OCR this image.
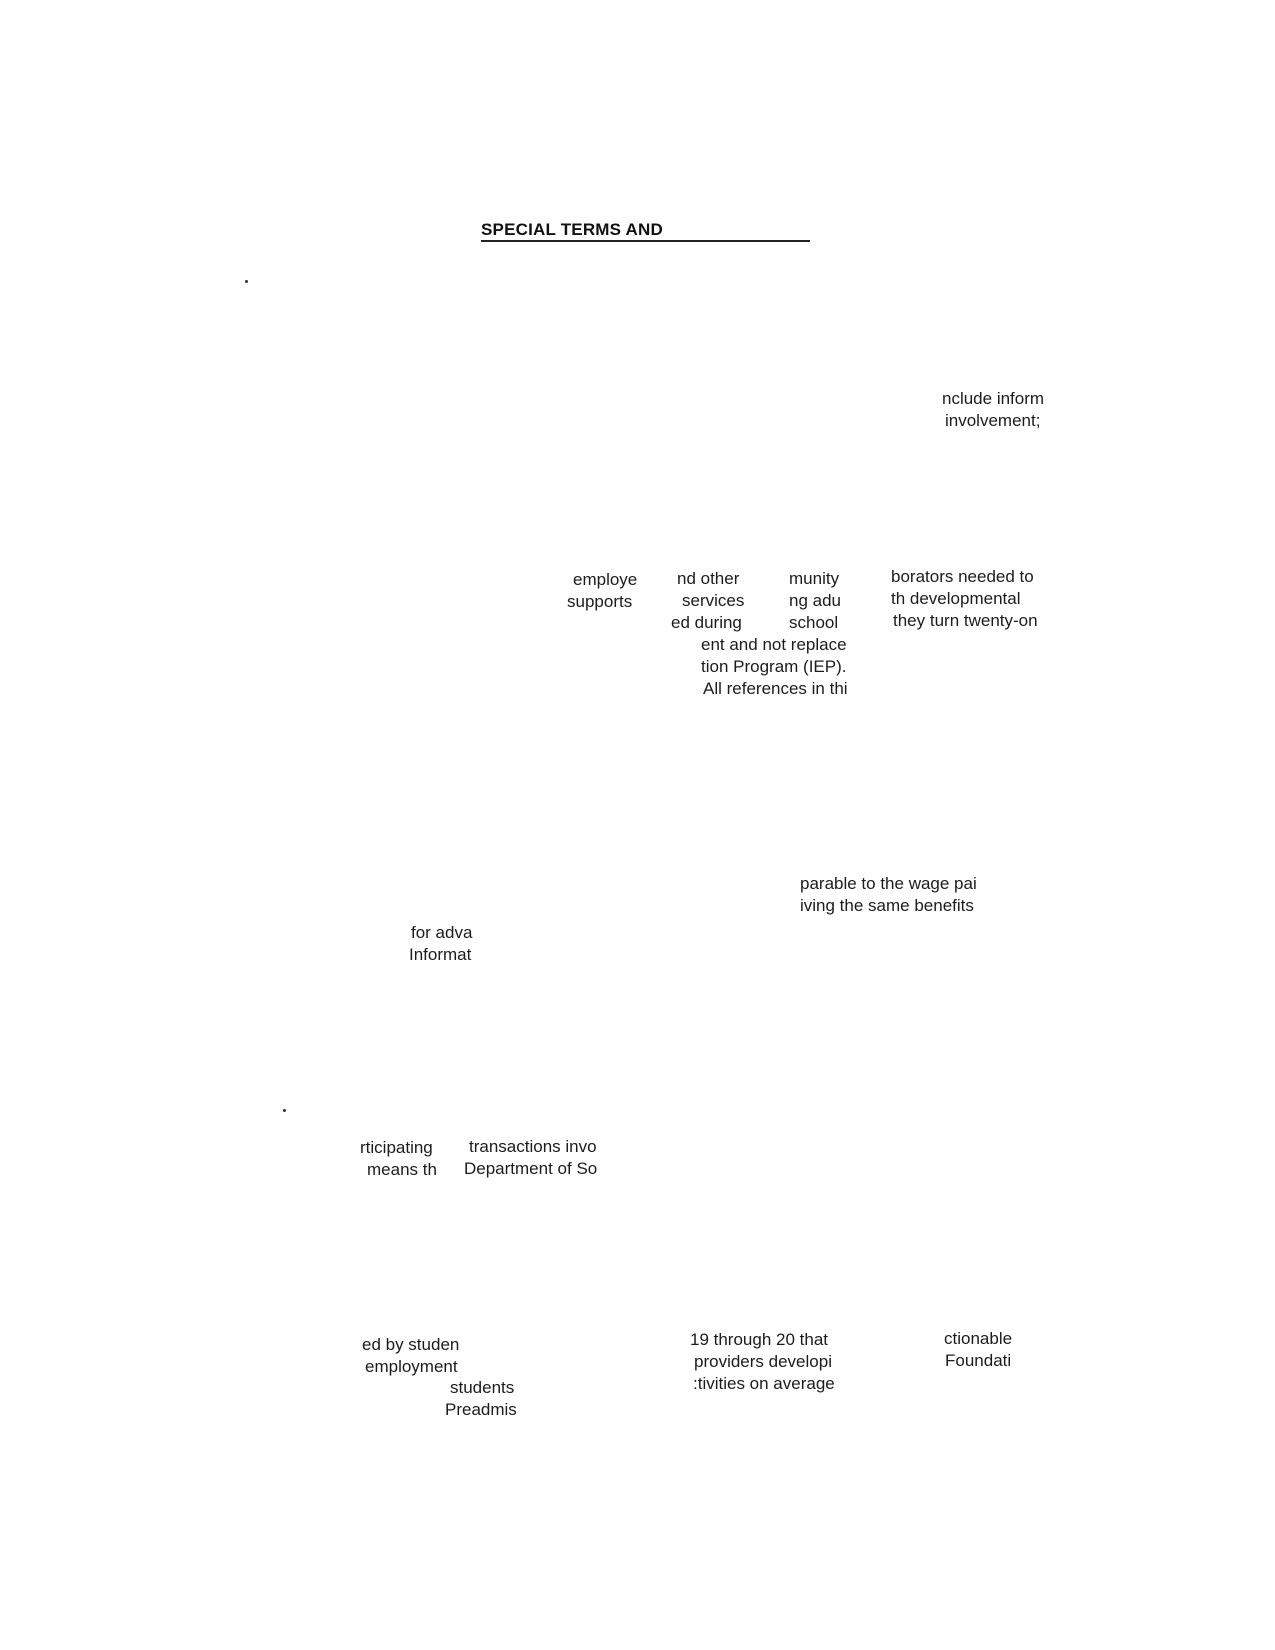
SPECIAL TERMS AND
nclude inform
involvement;
employe
supports
nd other
services
ed during
munity
ng adu
school
borators needed to
th developmental
they turn twenty-on
ent and not replace
tion Program (IEP).
All references in thi
parable to the wage pai
iving the same benefits
for adva
Informat
rticipating
means th
transactions invo
Department of So
ed by studen
employment
students
Preadmis
19 through 20 that
providers developi
:tivities on average
ctionable
Foundati
